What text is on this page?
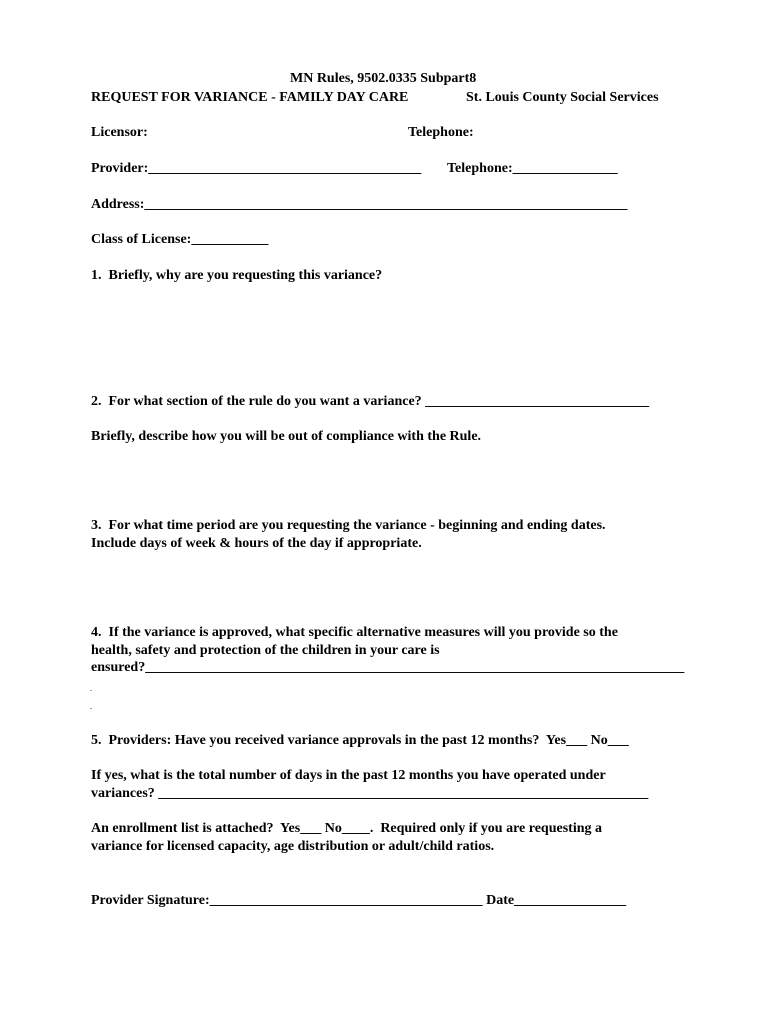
MN Rules, 9502.0335 Subpart8
REQUEST FOR VARIANCE - FAMILY DAY CARE	St. Louis County Social Services
Licensor:	Telephone:
Provider:_______________________________________ Telephone:_______________
Address:_____________________________________________________________________
Class of License:___________
1.  Briefly, why are you requesting this variance?
2.  For what section of the rule do you want a variance? ________________________________
Briefly, describe how you will be out of compliance with the Rule.
3.  For what time period are you requesting the variance - beginning and ending dates.
Include days of week & hours of the day if appropriate.
4.  If the variance is approved, what specific alternative measures will you provide so the
health, safety and protection of the children in your care is
ensured?_____________________________________________________________________________
-
-
5.  Providers: Have you received variance approvals in the past 12 months?  Yes___ No___
If yes, what is the total number of days in the past 12 months you have operated under
variances? ______________________________________________________________________
An enrollment list is attached?  Yes___ No____.  Required only if you are requesting a
variance for licensed capacity, age distribution or adult/child ratios.
Provider Signature:_______________________________________ Date________________
